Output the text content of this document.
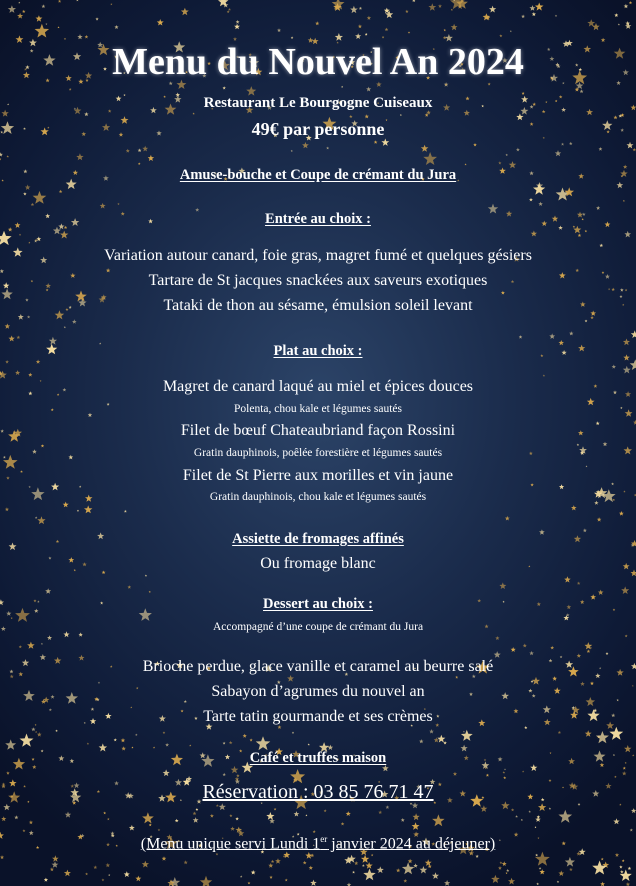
Menu du Nouvel An 2024
Restaurant Le Bourgogne Cuiseaux
49€ par personne
Amuse-bouche et Coupe de crémant du Jura
Entrée au choix :
Variation autour canard, foie gras, magret fumé et quelques gésiers
Tartare de St jacques snackées aux saveurs exotiques
Tataki de thon au sésame, émulsion soleil levant
Plat au choix :
Magret de canard laqué au miel et épices douces
Polenta, chou kale et légumes sautés
Filet de bœuf Chateaubriand façon Rossini
Gratin dauphinois, poêlée forestière et légumes sautés
Filet de St Pierre aux morilles et vin jaune
Gratin dauphinois, chou kale et légumes sautés
Assiette de fromages affinés
Ou fromage blanc
Dessert au choix :
Accompagné d’une coupe de crémant du Jura
Brioche perdue, glace vanille et caramel au beurre salé
Sabayon d’agrumes du nouvel an
Tarte tatin gourmande et ses crèmes
Café et truffes maison
Réservation : 03 85 76 71 47
(Menu unique servi Lundi 1er janvier 2024 au déjeuner)
